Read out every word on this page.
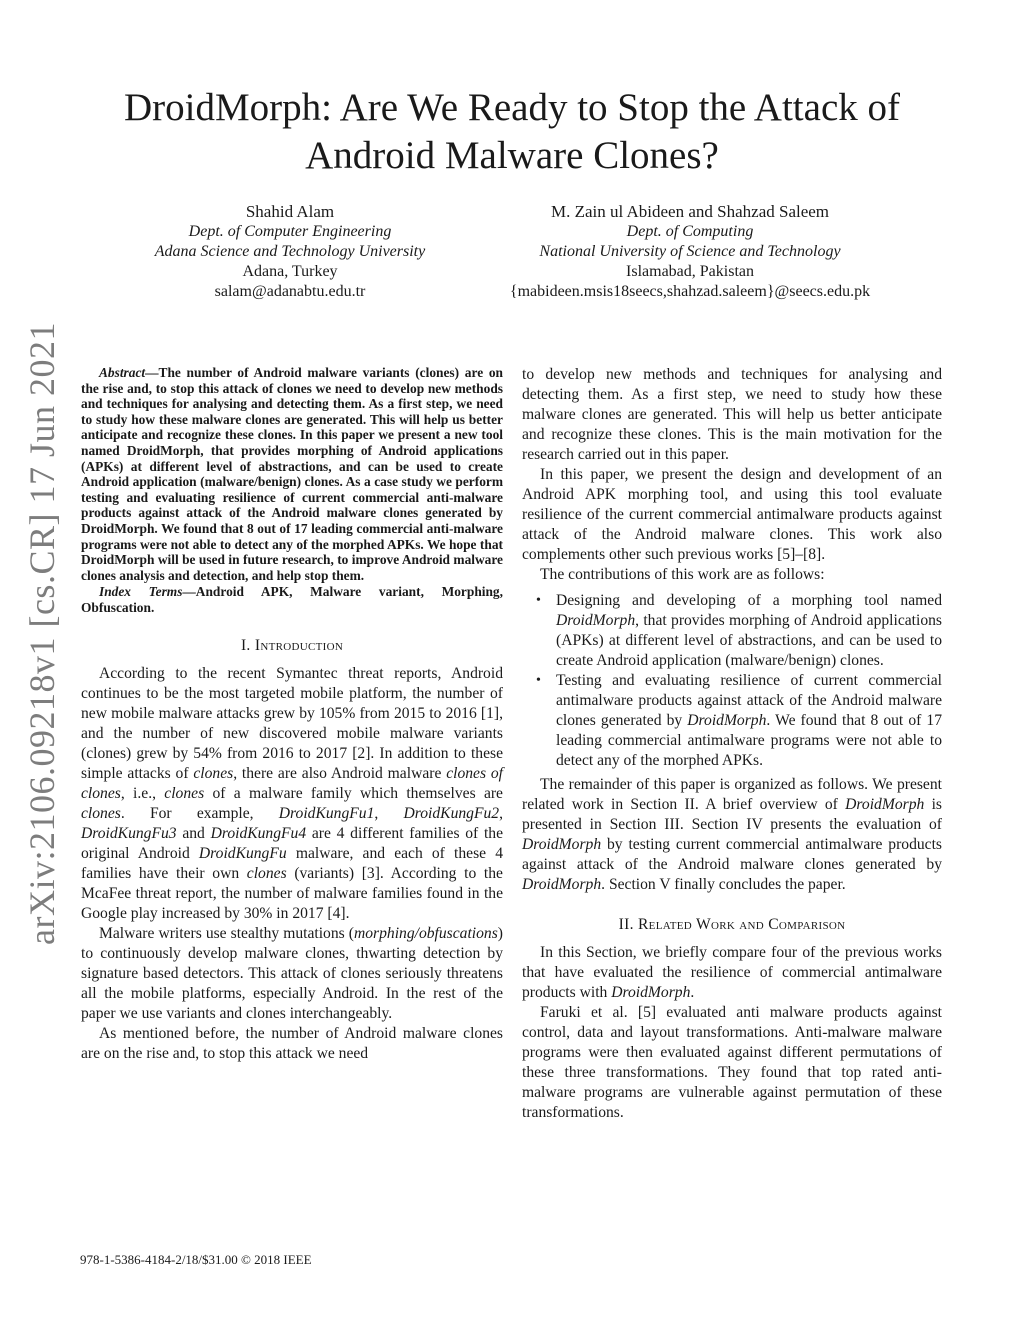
arXiv:2106.09218v1 [cs.CR] 17 Jun 2021
DroidMorph: Are We Ready to Stop the Attack of Android Malware Clones?
Shahid Alam
Dept. of Computer Engineering
Adana Science and Technology University
Adana, Turkey
salam@adanabtu.edu.tr
M. Zain ul Abideen and Shahzad Saleem
Dept. of Computing
National University of Science and Technology
Islamabad, Pakistan
{mabideen.msis18seecs,shahzad.saleem}@seecs.edu.pk

Abstract—The number of Android malware variants (clones) are on the rise and, to stop this attack of clones we need to develop new methods and techniques for analysing and detecting them. As a first step, we need to study how these malware clones are generated. This will help us better anticipate and recognize these clones. In this paper we present a new tool named DroidMorph, that provides morphing of Android applications (APKs) at different level of abstractions, and can be used to create Android application (malware/benign) clones. As a case study we perform testing and evaluating resilience of current commercial anti-malware products against attack of the Android malware clones generated by DroidMorph. We found that 8 out of 17 leading commercial anti-malware programs were not able to detect any of the morphed APKs. We hope that DroidMorph will be used in future research, to improve Android malware clones analysis and detection, and help stop them.

Index Terms—Android APK, Malware variant, Morphing, Obfuscation.

I. Introduction

According to the recent Symantec threat reports, Android continues to be the most targeted mobile platform, the number of new mobile malware attacks grew by 105% from 2015 to 2016 [1], and the number of new discovered mobile malware variants (clones) grew by 54% from 2016 to 2017 [2]. In addition to these simple attacks of clones, there are also Android malware clones of clones, i.e., clones of a malware family which themselves are clones. For example, DroidKungFu1, DroidKungFu2, DroidKungFu3 and DroidKungFu4 are 4 different families of the original Android DroidKungFu malware, and each of these 4 families have their own clones (variants) [3]. According to the McaFee threat report, the number of malware families found in the Google play increased by 30% in 2017 [4].

Malware writers use stealthy mutations (morphing/obfuscations) to continuously develop malware clones, thwarting detection by signature based detectors. This attack of clones seriously threatens all the mobile platforms, especially Android. In the rest of the paper we use variants and clones interchangeably.

As mentioned before, the number of Android malware clones are on the rise and, to stop this attack we need

to develop new methods and techniques for analysing and detecting them. As a first step, we need to study how these malware clones are generated. This will help us better anticipate and recognize these clones. This is the main motivation for the research carried out in this paper.

In this paper, we present the design and development of an Android APK morphing tool, and using this tool evaluate resilience of the current commercial antimalware products against attack of the Android malware clones. This work also complements other such previous works [5]–[8].

The contributions of this work are as follows:

• Designing and developing of a morphing tool named DroidMorph, that provides morphing of Android applications (APKs) at different level of abstractions, and can be used to create Android application (malware/benign) clones.
• Testing and evaluating resilience of current commercial antimalware products against attack of the Android malware clones generated by DroidMorph. We found that 8 out of 17 leading commercial antimalware programs were not able to detect any of the morphed APKs.

The remainder of this paper is organized as follows. We present related work in Section II. A brief overview of DroidMorph is presented in Section III. Section IV presents the evaluation of DroidMorph by testing current commercial antimalware products against attack of the Android malware clones generated by DroidMorph. Section V finally concludes the paper.

II. Related Work and Comparison

In this Section, we briefly compare four of the previous works that have evaluated the resilience of commercial antimalware products with DroidMorph.

Faruki et al. [5] evaluated anti malware products against control, data and layout transformations. Anti-malware malware programs were then evaluated against different permutations of these three transformations. They found that top rated anti-malware programs are vulnerable against permutation of these transformations.

978-1-5386-4184-2/18/$31.00 © 2018 IEEE
